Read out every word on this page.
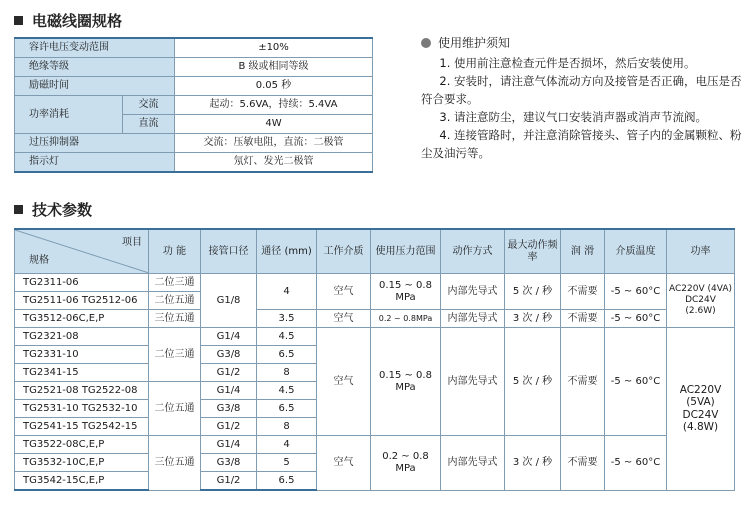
电磁线圈规格
容许电压变动范围		±10%
绝缘等级		B 级或相同等级
励磁时间		0.05 秒
功率消耗	交流	起动：5.6VA，持续：5.4VA
	直流	4W
过压抑制器		交流：压敏电阻，直流：二极管
指示灯		氖灯、发光二极管
使用维护须知

1. 使用前注意检查元件是否损坏，然后安装使用。

2. 安装时，请注意气体流动方向及接管是否正确，电压是否符合要求。

3. 请注意防尘，建议气口安装消声器或消声节流阀。

4. 连接管路时，并注意消除管接头、管子内的金属颗粒、粉尘及油污等。

技术参数
项目
规格	功 能	接管口径	通径 (mm)	工作介质	使用压力范围	动作方式	最大动作频率	润 滑	介质温度	功率
TG2311-06	二位三通	G1/8	4	空气	0.15 ~ 0.8 MPa	内部先导式	5 次 / 秒	不需要	-5 ~ 60°C	AC220V (4VA) DC24V (2.6W)
TG2511-06 TG2512-06	二位五通									
TG3512-06C,E,P	三位五通		3.5	空气	0.2 ~ 0.8MPa	内部先导式	3 次 / 秒	不需要	-5 ~ 60°C	
TG2321-08	二位三通	G1/4	4.5	空气	0.15 ~ 0.8 MPa	内部先导式	5 次 / 秒	不需要	-5 ~ 60°C	AC220V (5VA) DC24V (4.8W)
TG2331-10		G3/8	6.5							
TG2341-15		G1/2	8							
TG2521-08 TG2522-08	二位五通	G1/4	4.5							
TG2531-10 TG2532-10		G3/8	6.5							
TG2541-15 TG2542-15		G1/2	8							
TG3522-08C,E,P	三位五通	G1/4	4	空气	0.2 ~ 0.8 MPa	内部先导式	3 次 / 秒	不需要	-5 ~ 60°C	
TG3532-10C,E,P		G3/8	5							
TG3542-15C,E,P		G1/2	6.5							
